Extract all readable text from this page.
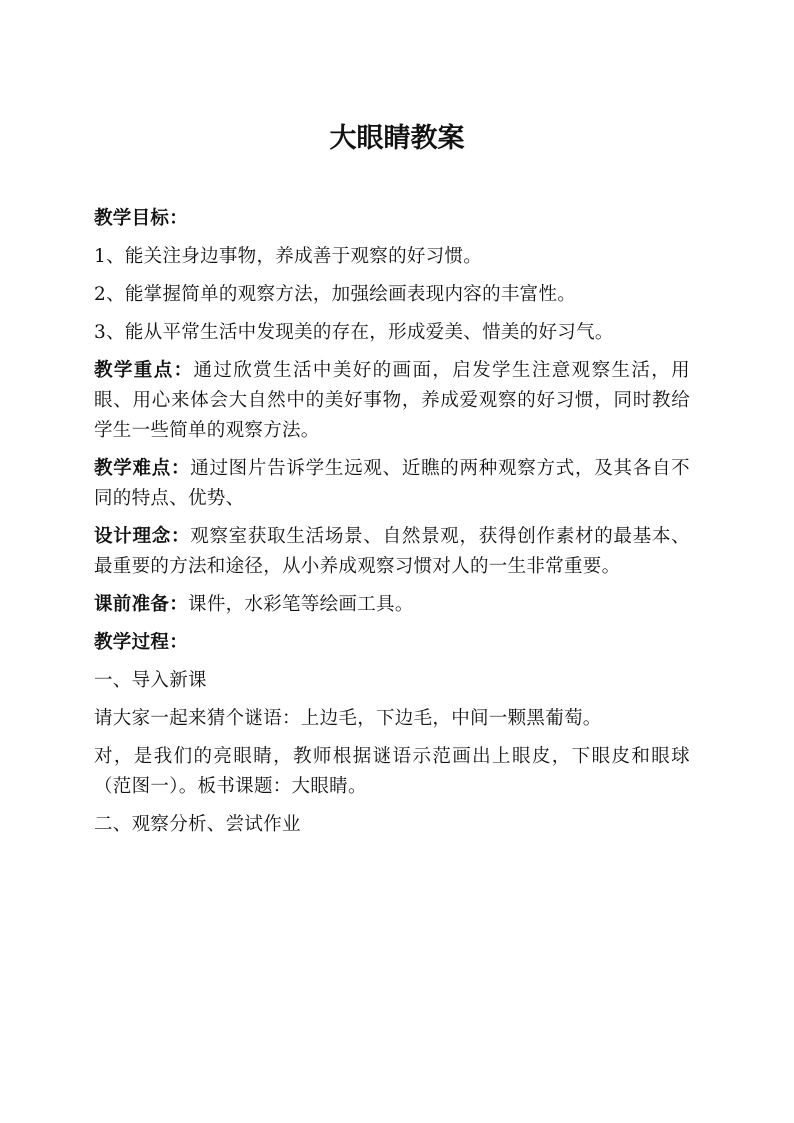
大眼睛教案

教学目标：

1、能关注身边事物，养成善于观察的好习惯。

2、能掌握简单的观察方法，加强绘画表现内容的丰富性。

3、能从平常生活中发现美的存在，形成爱美、惜美的好习气。

教学重点：通过欣赏生活中美好的画面，启发学生注意观察生活，用眼、用心来体会大自然中的美好事物，养成爱观察的好习惯，同时教给学生一些简单的观察方法。

教学难点：通过图片告诉学生远观、近瞧的两种观察方式，及其各自不同的特点、优势、

设计理念：观察室获取生活场景、自然景观，获得创作素材的最基本、最重要的方法和途径，从小养成观察习惯对人的一生非常重要。

课前准备：课件，水彩笔等绘画工具。

教学过程：

一、导入新课

请大家一起来猜个谜语：上边毛，下边毛，中间一颗黑葡萄。

对，是我们的亮眼睛，教师根据谜语示范画出上眼皮，下眼皮和眼球（范图一）。板书课题：大眼睛。

二、观察分析、尝试作业
